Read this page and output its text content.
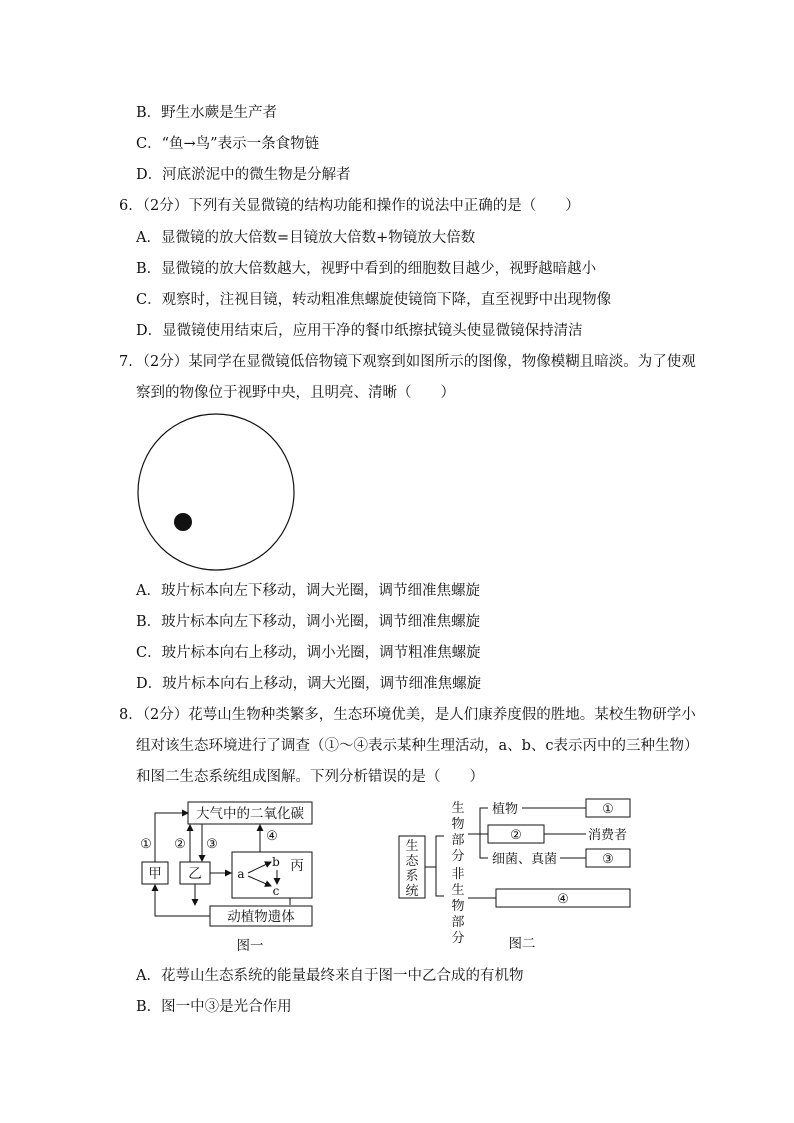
B．野生水蕨是生产者
C．“鱼→鸟”表示一条食物链
D．河底淤泥中的微生物是分解者
6．（2分）下列有关显微镜的结构功能和操作的说法中正确的是（　　）
A．显微镜的放大倍数=目镜放大倍数+物镜放大倍数
B．显微镜的放大倍数越大，视野中看到的细胞数目越少，视野越暗越小
C．观察时，注视目镜，转动粗准焦螺旋使镜筒下降，直至视野中出现物像
D．显微镜使用结束后，应用干净的餐巾纸擦拭镜头使显微镜保持清洁
7．（2分）某同学在显微镜低倍物镜下观察到如图所示的图像，物像模糊且暗淡。为了使观
察到的物像位于视野中央，且明亮、清晰（　　）
A．玻片标本向左下移动，调大光圈，调节细准焦螺旋
B．玻片标本向左下移动，调小光圈，调节细准焦螺旋
C．玻片标本向右上移动，调小光圈，调节粗准焦螺旋
D．玻片标本向右上移动，调大光圈，调节细准焦螺旋
8．（2分）花萼山生物种类繁多，生态环境优美，是人们康养度假的胜地。某校生物研学小
组对该生态环境进行了调查（①～④表示某种生理活动，a、b、c表示丙中的三种生物）
和图二生态系统组成图解。下列分析错误的是（　　）
大气中的二氧化碳
甲 乙	丙
a
b
c
动植物遗体
① ② ③
④
图一
生态系统
生物部分
非生物部分
植物	①
②	消费者
细菌、真菌	③
④
图二
A．花萼山生态系统的能量最终来自于图一中乙合成的有机物
B．图一中③是光合作用
